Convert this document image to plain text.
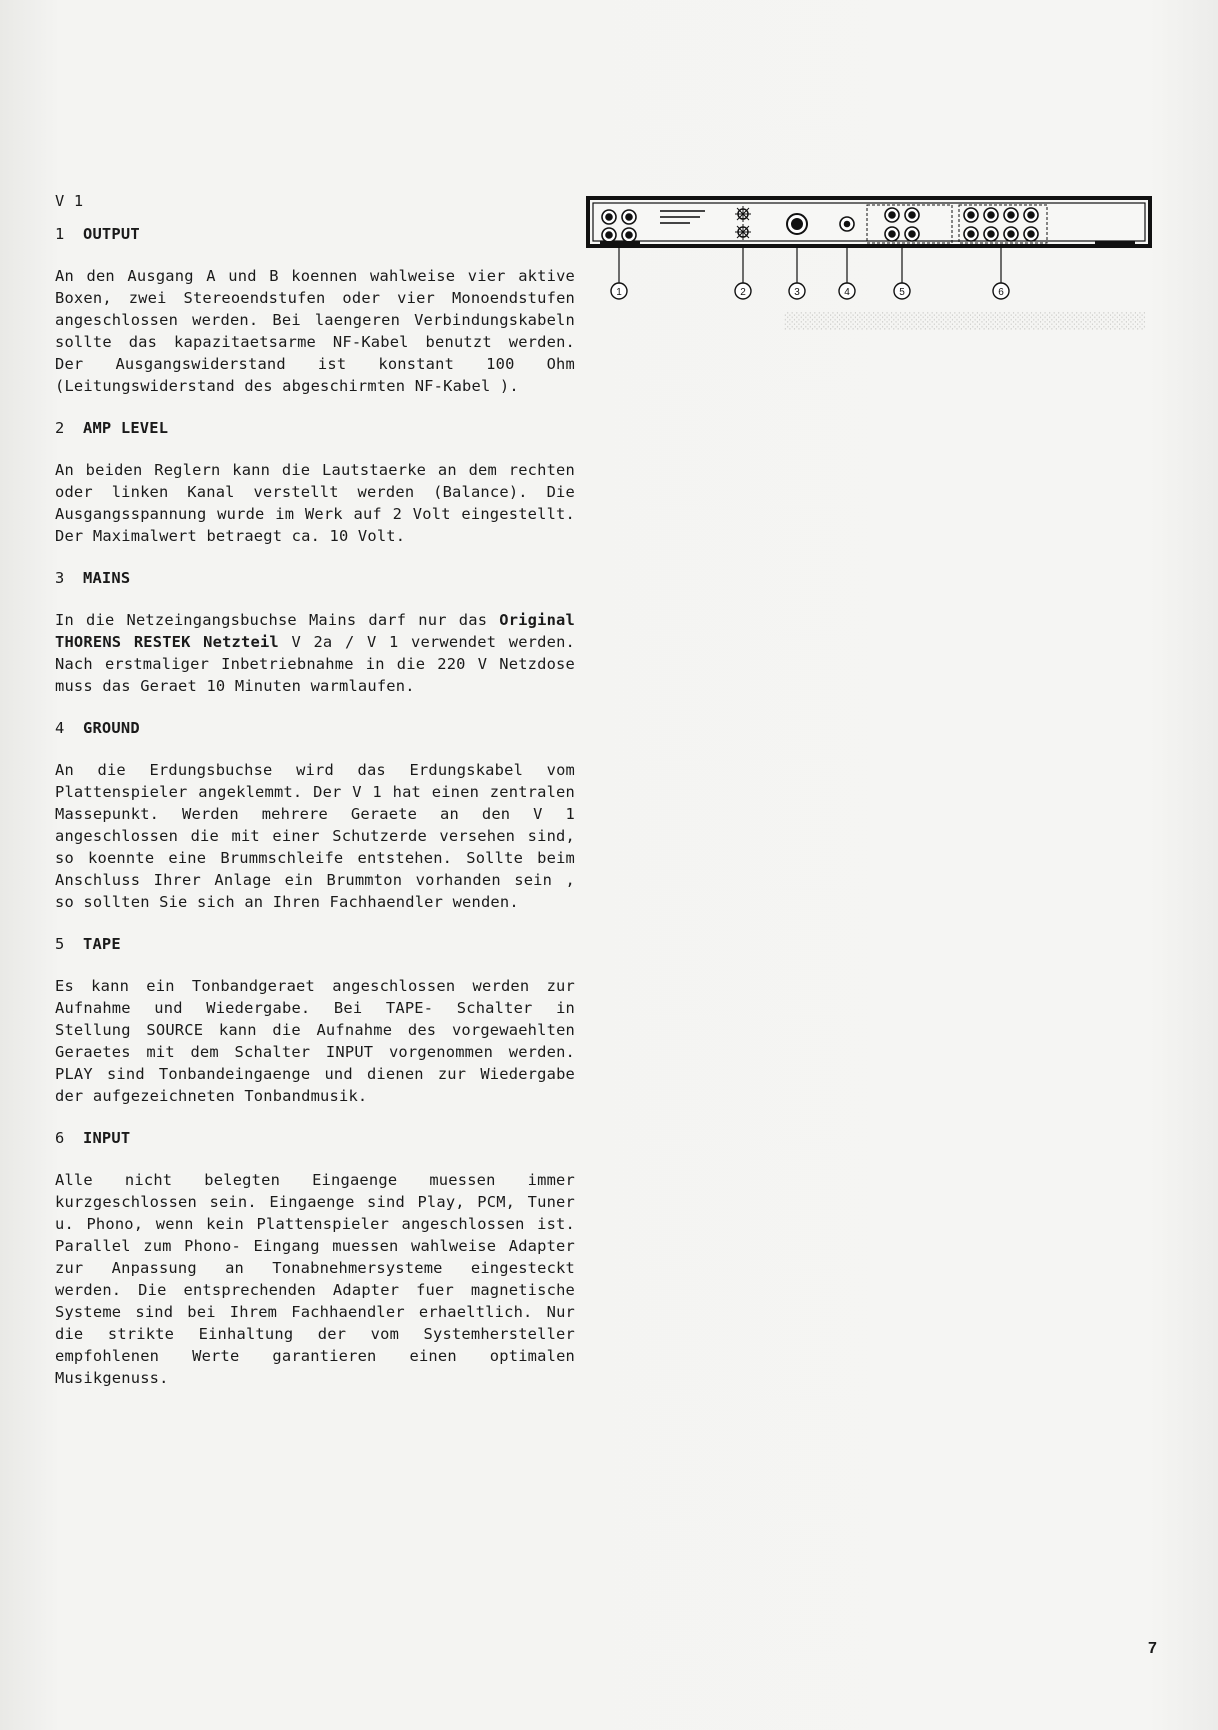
░░░░░░░░░░░░░░░░░░░░░░░░░░░░░░░░░░░░░░░░

1	2	3	4	5	6
V 1
1 OUTPUT

An den Ausgang A und B koennen wahlweise vier aktive Boxen, zwei Stereoendstufen oder vier Monoendstufen angeschlossen werden. Bei laengeren Verbindungskabeln sollte das kapazitaetsarme NF-Kabel benutzt werden. Der Ausgangswiderstand ist konstant 100 Ohm (Leitungswiderstand des abgeschirmten NF-Kabel ).

2 AMP LEVEL

An beiden Reglern kann die Lautstaerke an dem rechten oder linken Kanal verstellt werden (Balance). Die Ausgangsspannung wurde im Werk auf 2 Volt eingestellt. Der Maximalwert betraegt ca. 10 Volt.

3 MAINS

In die Netzeingangsbuchse Mains darf nur das Original THORENS RESTEK Netzteil V 2a / V 1 verwendet werden. Nach erstmaliger Inbetriebnahme in die 220 V Netzdose muss das Geraet 10 Minuten warmlaufen.

4 GROUND

An die Erdungsbuchse wird das Erdungskabel vom Plattenspieler angeklemmt. Der V 1 hat einen zentralen Massepunkt. Werden mehrere Geraete an den V 1 angeschlossen die mit einer Schutzerde versehen sind, so koennte eine Brummschleife entstehen. Sollte beim Anschluss Ihrer Anlage ein Brummton vorhanden sein , so sollten Sie sich an Ihren Fachhaendler wenden.

5 TAPE

Es kann ein Tonbandgeraet angeschlossen werden zur Aufnahme und Wiedergabe. Bei TAPE- Schalter in Stellung SOURCE kann die Aufnahme des vorgewaehlten Geraetes mit dem Schalter INPUT vorgenommen werden. PLAY sind Tonbandeingaenge und dienen zur Wiedergabe der aufgezeichneten Tonbandmusik.

6 INPUT

Alle nicht belegten Eingaenge muessen immer kurzgeschlossen sein. Eingaenge sind Play, PCM, Tuner u. Phono, wenn kein Plattenspieler angeschlossen ist. Parallel zum Phono- Eingang muessen wahlweise Adapter zur Anpassung an Tonabnehmersysteme eingesteckt werden. Die entsprechenden Adapter fuer magnetische Systeme sind bei Ihrem Fachhaendler erhaeltlich. Nur die strikte Einhaltung der vom Systemhersteller empfohlenen Werte garantieren einen optimalen Musikgenuss.

7
